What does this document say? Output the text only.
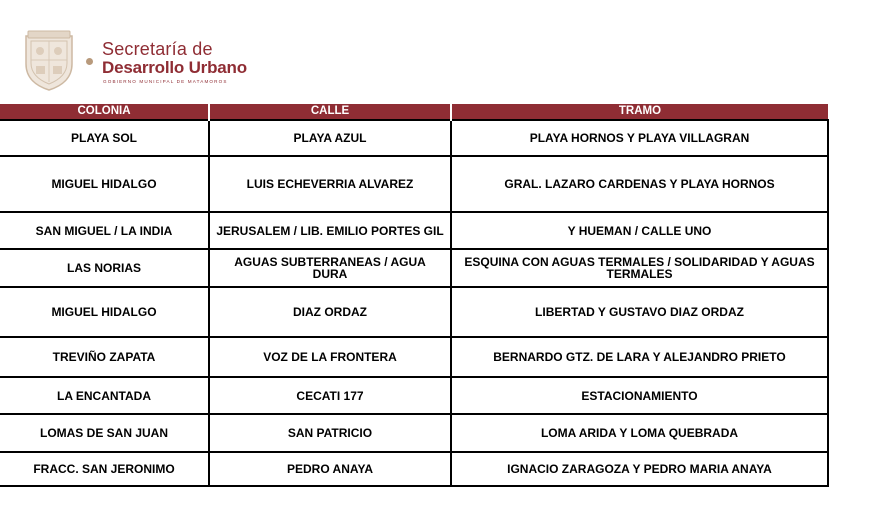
Secretaría de
Desarrollo Urbano
GOBIERNO MUNICIPAL DE MATAMOROS
COLONIA	CALLE	TRAMO
PLAYA SOL	PLAYA AZUL	PLAYA HORNOS Y PLAYA VILLAGRAN
MIGUEL HIDALGO	LUIS ECHEVERRIA ALVAREZ	GRAL. LAZARO CARDENAS Y PLAYA HORNOS
SAN MIGUEL / LA INDIA	JERUSALEM / LIB. EMILIO PORTES GIL	Y HUEMAN / CALLE UNO
LAS NORIAS	AGUAS SUBTERRANEAS / AGUA DURA	ESQUINA CON AGUAS TERMALES / SOLIDARIDAD Y AGUAS TERMALES
MIGUEL HIDALGO	DIAZ ORDAZ	LIBERTAD Y GUSTAVO DIAZ ORDAZ
TREVIÑO ZAPATA	VOZ DE LA FRONTERA	BERNARDO GTZ. DE LARA Y ALEJANDRO PRIETO
LA ENCANTADA	CECATI 177	ESTACIONAMIENTO
LOMAS DE SAN JUAN	SAN PATRICIO	LOMA ARIDA Y LOMA QUEBRADA
FRACC. SAN JERONIMO	PEDRO ANAYA	IGNACIO ZARAGOZA Y PEDRO MARIA ANAYA
